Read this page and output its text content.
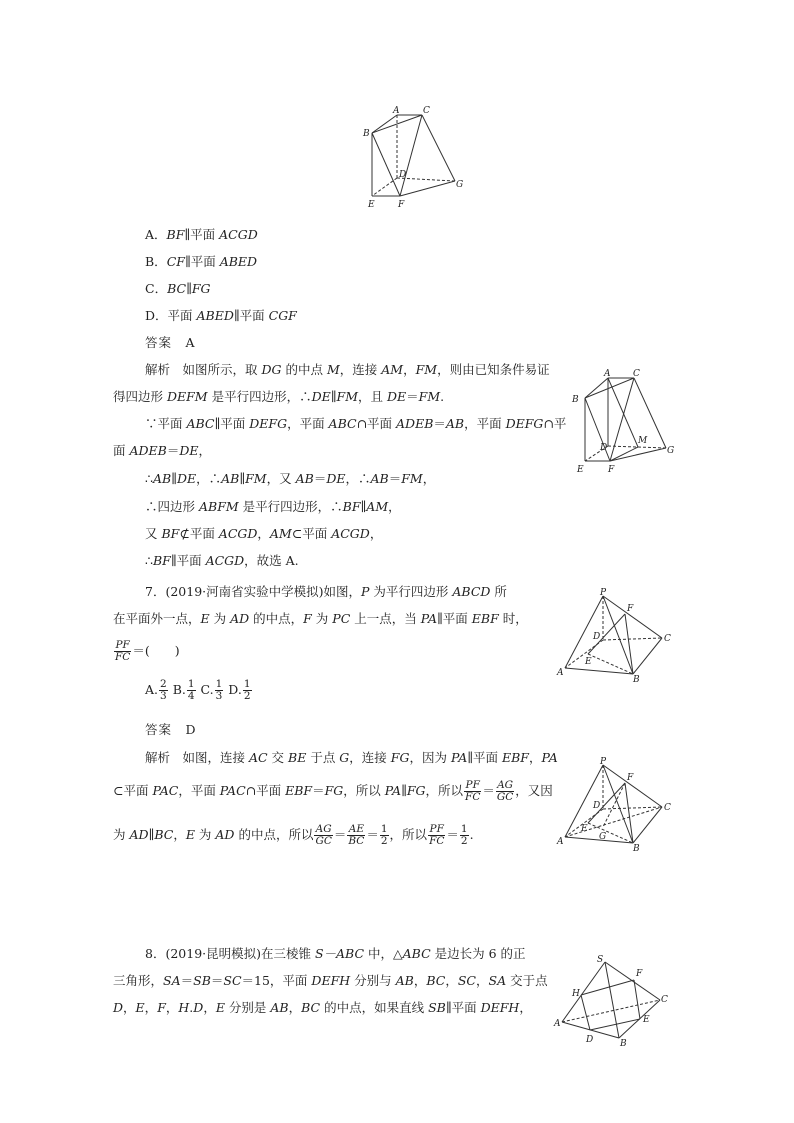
A	C
B
D
G
E	F
A．BF∥平面 ACGD
B．CF∥平面 ABED
C．BC∥FG
D．平面 ABED∥平面 CGF
答案　A
解析　如图所示，取 DG 的中点 M，连接 AM，FM，则由已知条件易证
得四边形 DEFM 是平行四边形，∴DE∥FM，且 DE＝FM.
∵平面 ABC∥平面 DEFG，平面 ABC∩平面 ADEB＝AB，平面 DEFG∩平
面 ADEB＝DE，
∴AB∥DE，∴AB∥FM，又 AB＝DE，∴AB＝FM，
∴四边形 ABFM 是平行四边形，∴BF∥AM，
又 BF⊄平面 ACGD，AM⊂平面 ACGD，
∴BF∥平面 ACGD，故选 A.
A	C
B
D
M
G
E	F
7．(2019·河南省实验中学模拟)如图，P 为平行四边形 ABCD 所
在平面外一点，E 为 AD 的中点，F 为 PC 上一点，当 PA∥平面 EBF 时，
$\frac{PF}{FC}$ ＝(　　)
A. $\frac{2}{3} B$. $\frac{1}{4} C$. $\frac{1}{3} D$. $\frac{1}{2}$
答案　D
解析　如图，连接 AC 交 BE 于点 G，连接 FG，因为 PA∥平面 EBF，PA
⊂平面 PAC，平面 PAC∩平面 EBF＝FG，所以 PA∥FG，所以 $\frac{PF}{FC} = \frac{AG}{GC}$ ，又因
为 AD∥BC，E 为 AD 的中点，所以 $\frac{AG}{GC} = \frac{AE}{BC} = \frac{1}{2}$ ，所以 $\frac{PF}{FC} = \frac{1}{2}$ .
P
F
D	C
E
A
B
P
F
D	C
E
G
A
B
8．(2019·昆明模拟)在三棱锥 S－ABC 中，△ABC 是边长为 6 的正
三角形，SA＝SB＝SC＝15，平面 DEFH 分别与 AB，BC，SC，SA 交于点
D，E，F，H.D，E 分别是 AB，BC 的中点，如果直线 SB∥平面 DEFH，
S
F
H
C
A	E
D	B
